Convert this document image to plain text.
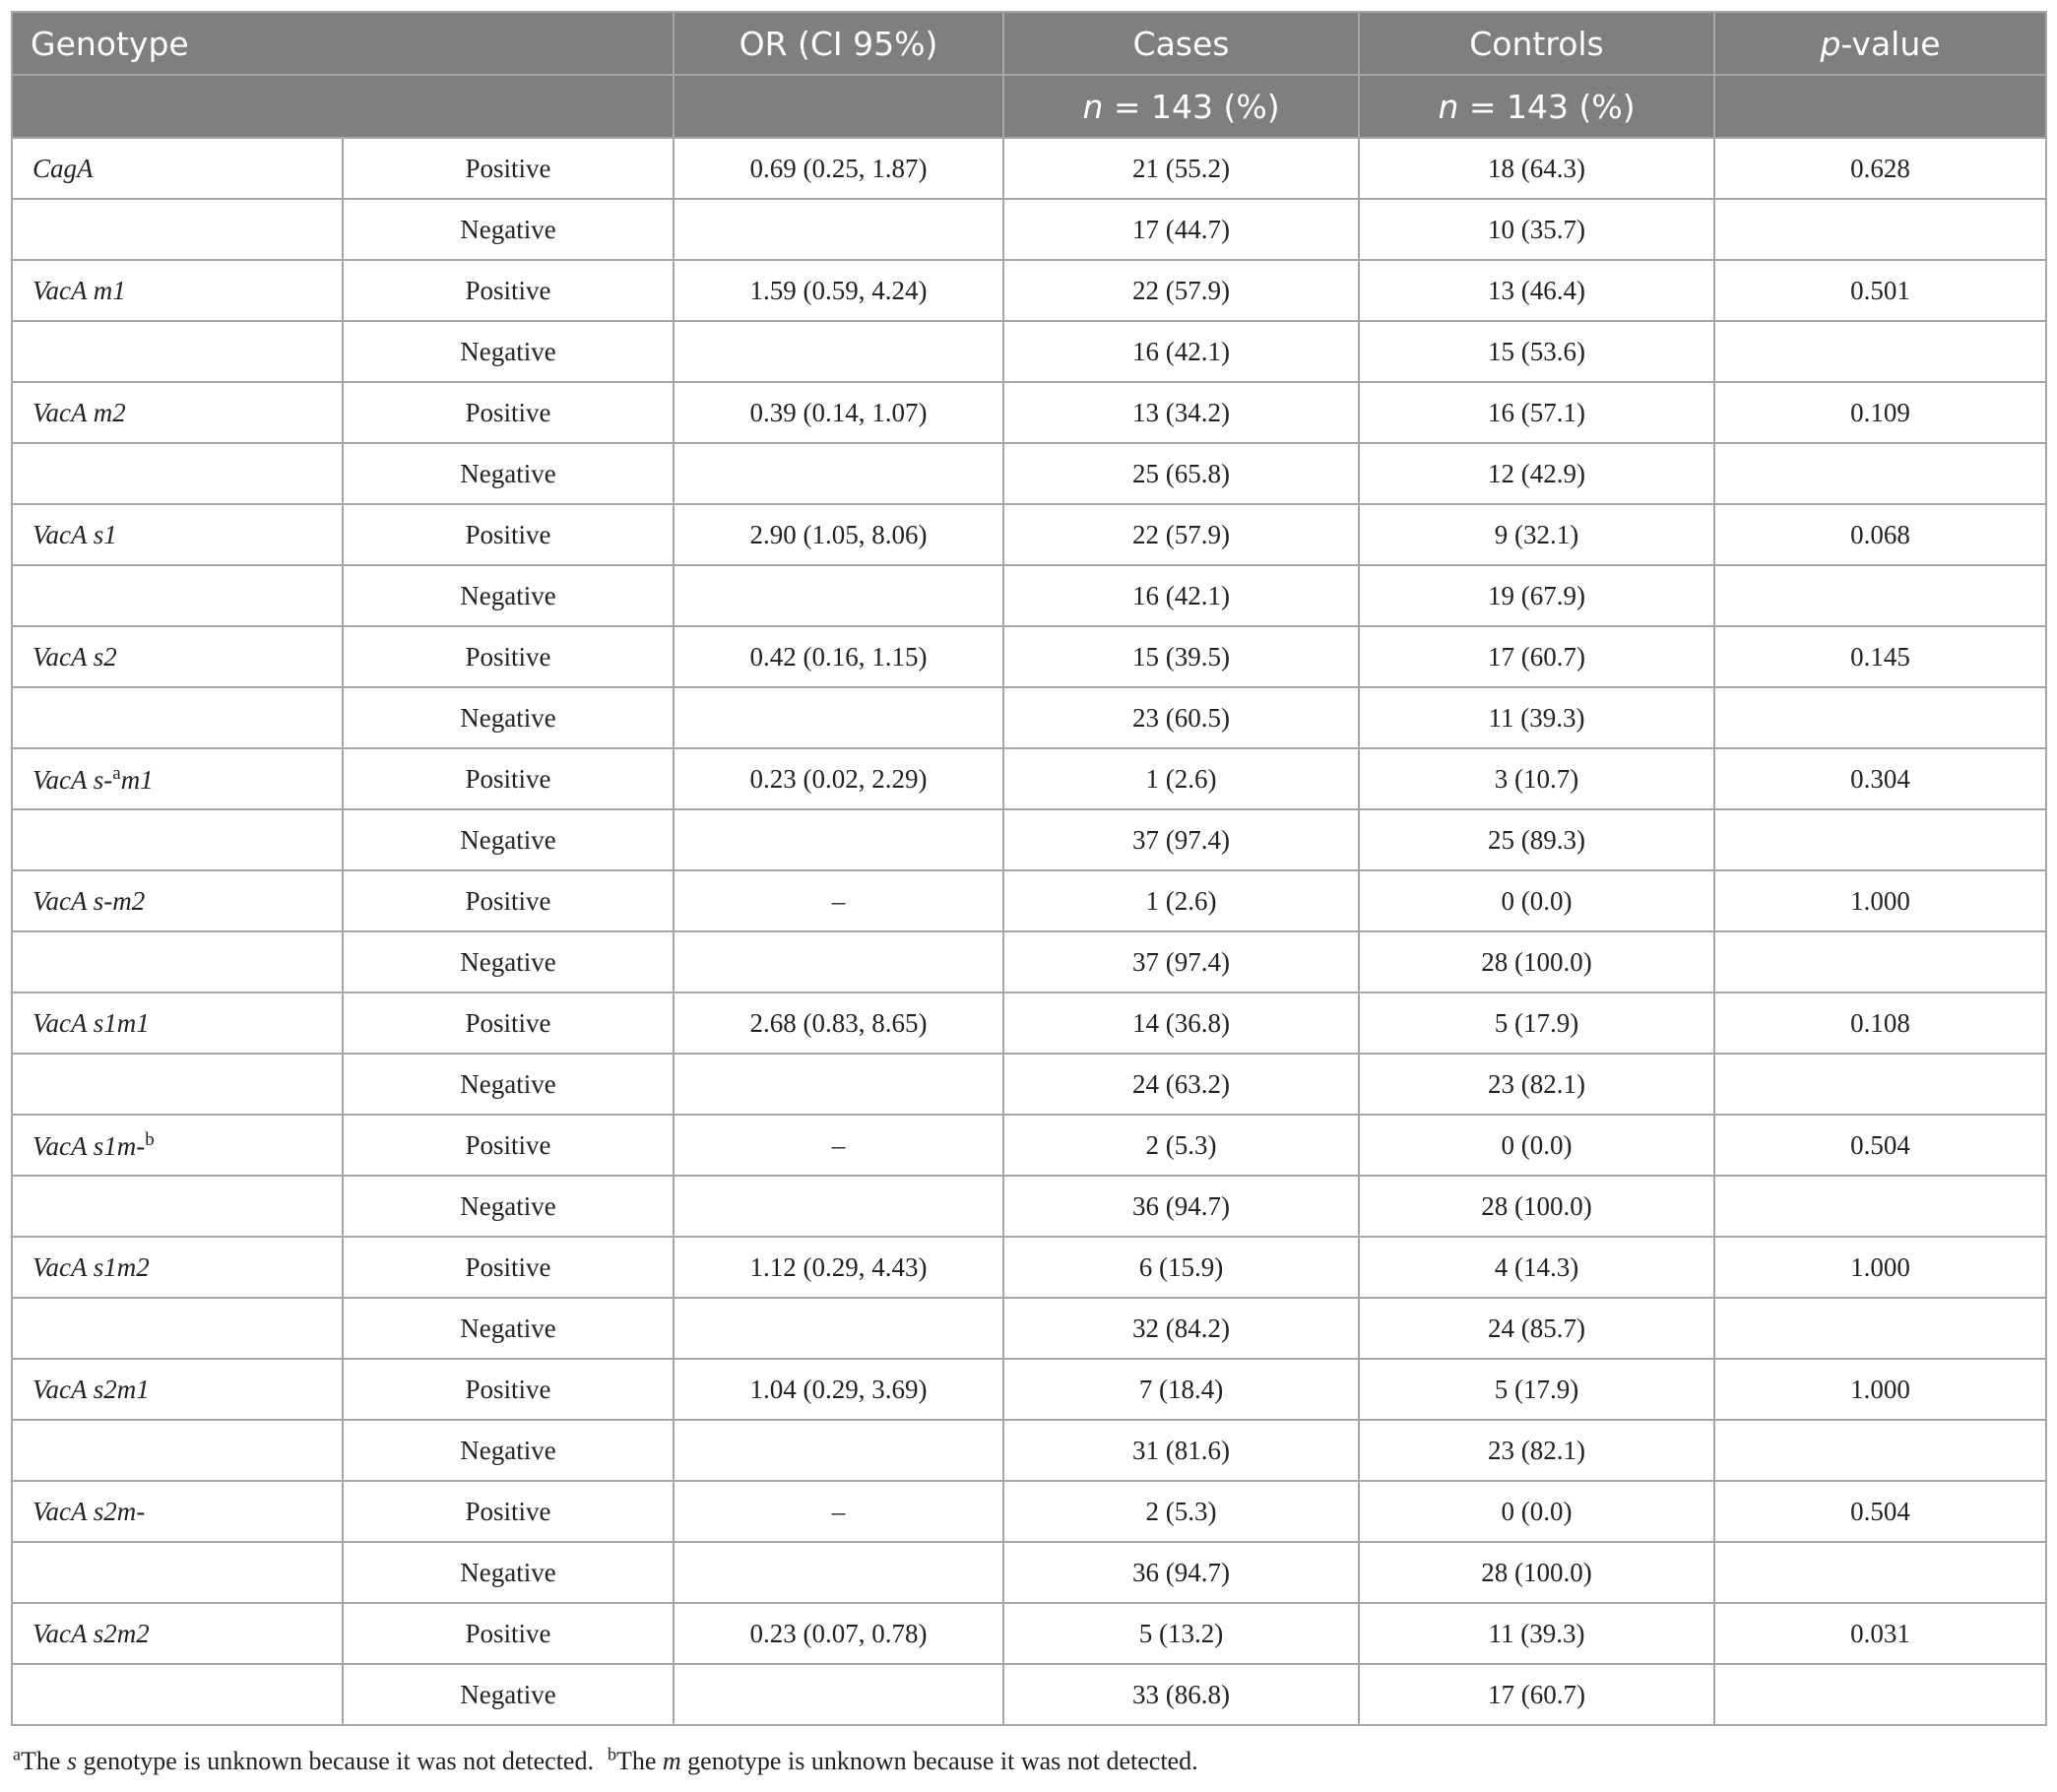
Genotype		OR (CI 95%)	Cases	Controls	p-value
			n = 143 (%)	n = 143 (%)	
CagA	Positive	0.69 (0.25, 1.87)	21 (55.2)	18 (64.3)	0.628
	Negative		17 (44.7)	10 (35.7)	
VacA m1	Positive	1.59 (0.59, 4.24)	22 (57.9)	13 (46.4)	0.501
	Negative		16 (42.1)	15 (53.6)	
VacA m2	Positive	0.39 (0.14, 1.07)	13 (34.2)	16 (57.1)	0.109
	Negative		25 (65.8)	12 (42.9)	
VacA s1	Positive	2.90 (1.05, 8.06)	22 (57.9)	9 (32.1)	0.068
	Negative		16 (42.1)	19 (67.9)	
VacA s2	Positive	0.42 (0.16, 1.15)	15 (39.5)	17 (60.7)	0.145
	Negative		23 (60.5)	11 (39.3)	
VacA s-$^a$m1	Positive	0.23 (0.02, 2.29)	1 (2.6)	3 (10.7)	0.304
	Negative		37 (97.4)	25 (89.3)	
VacA s-m2	Positive	–	1 (2.6)	0 (0.0)	1.000
	Negative		37 (97.4)	28 (100.0)	
VacA s1m1	Positive	2.68 (0.83, 8.65)	14 (36.8)	5 (17.9)	0.108
	Negative		24 (63.2)	23 (82.1)	
VacA s1m-$^b$	Positive	–	2 (5.3)	0 (0.0)	0.504
	Negative		36 (94.7)	28 (100.0)	
VacA s1m2	Positive	1.12 (0.29, 4.43)	6 (15.9)	4 (14.3)	1.000
	Negative		32 (84.2)	24 (85.7)	
VacA s2m1	Positive	1.04 (0.29, 3.69)	7 (18.4)	5 (17.9)	1.000
	Negative		31 (81.6)	23 (82.1)	
VacA s2m-	Positive	–	2 (5.3)	0 (0.0)	0.504
	Negative		36 (94.7)	28 (100.0)	
VacA s2m2	Positive	0.23 (0.07, 0.78)	5 (13.2)	11 (39.3)	0.031
	Negative		33 (86.8)	17 (60.7)	
$^a$The s genotype is unknown because it was not detected. $^b$The m genotype is unknown because it was not detected.
